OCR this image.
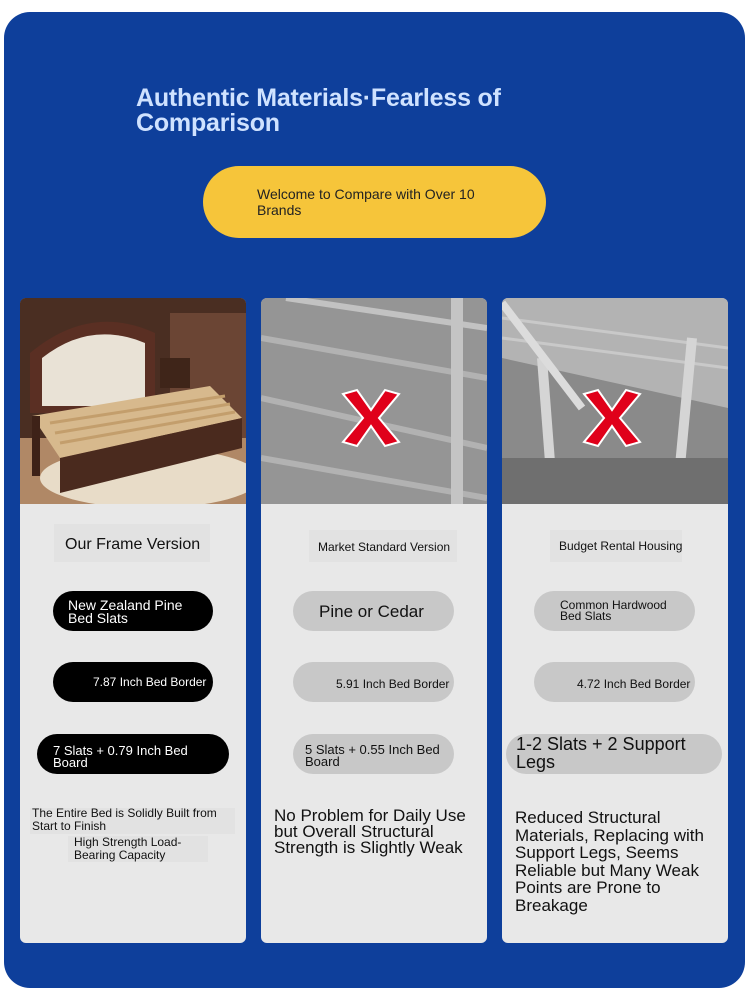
Authentic Materials·Fearless of Comparison
Welcome to Compare with Over 10 Brands
Our Frame Version
New Zealand Pine Bed Slats
7.87 Inch Bed Border
7 Slats + 0.79 Inch Bed Board
The Entire Bed is Solidly Built from Start to Finish
High Strength Load-Bearing Capacity
Market Standard Version
Pine or Cedar
5.91 Inch Bed Border
5 Slats + 0.55 Inch Bed Board
No Problem for Daily Use but Overall Structural Strength is Slightly Weak
Budget Rental Housing
Common Hardwood Bed Slats
4.72 Inch Bed Border
1-2 Slats + 2 Support Legs
Reduced Structural Materials, Replacing with Support Legs, Seems Reliable but Many Weak Points are Prone to Breakage
